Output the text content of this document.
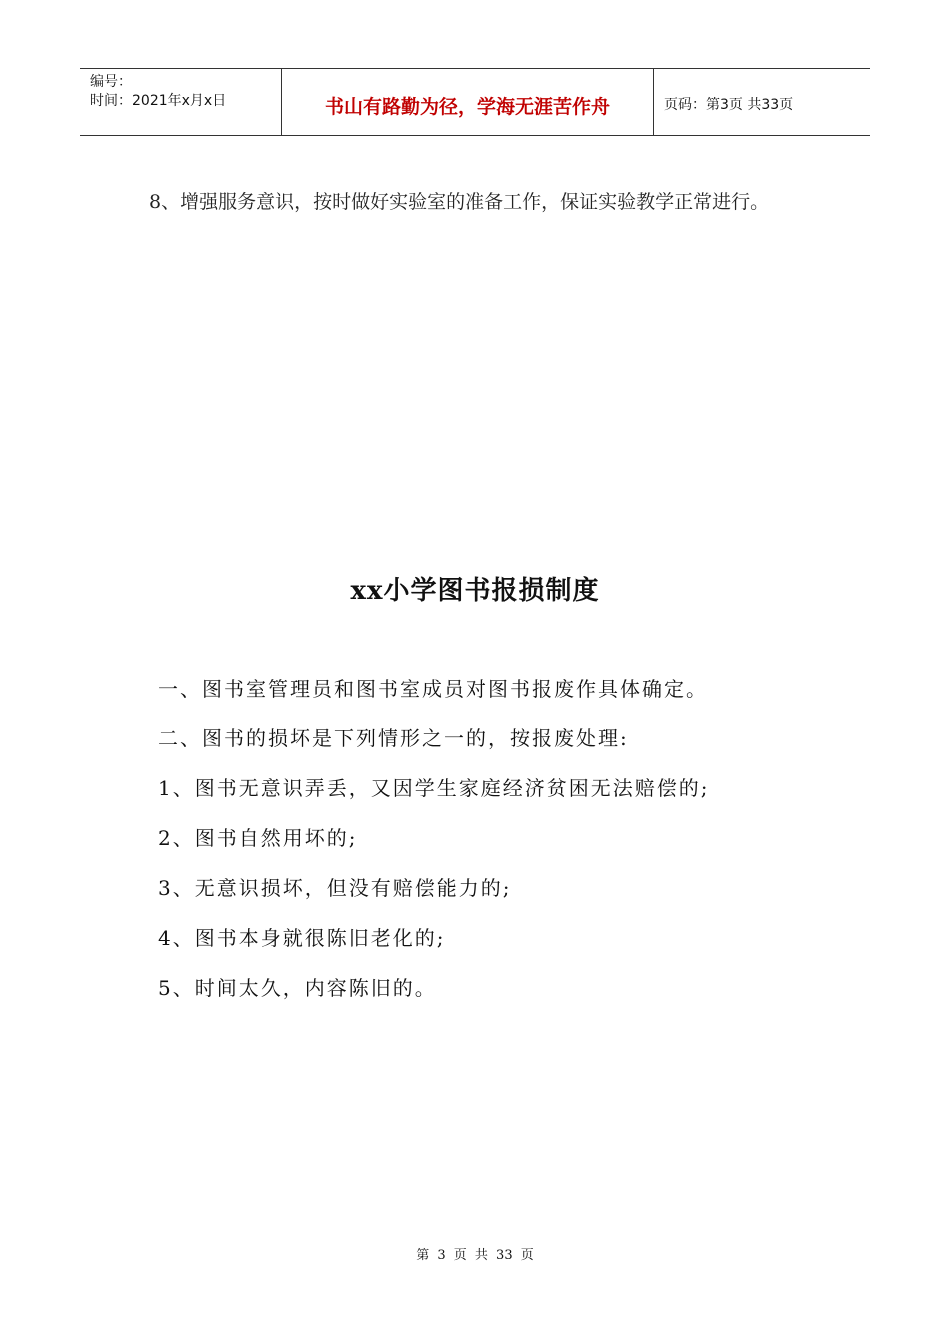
编号：
时间：2021年x月x日	书山有路勤为径，学海无涯苦作舟	页码：第3页 共33页
8、增强服务意识，按时做好实验室的准备工作，保证实验教学正常进行。
xx小学图书报损制度
一、图书室管理员和图书室成员对图书报废作具体确定。
二、图书的损坏是下列情形之一的，按报废处理:
1、图书无意识弄丢，又因学生家庭经济贫困无法赔偿的;
2、图书自然用坏的;
3、无意识损坏，但没有赔偿能力的;
4、图书本身就很陈旧老化的;
5、时间太久，内容陈旧的。
第 3 页 共 33 页
